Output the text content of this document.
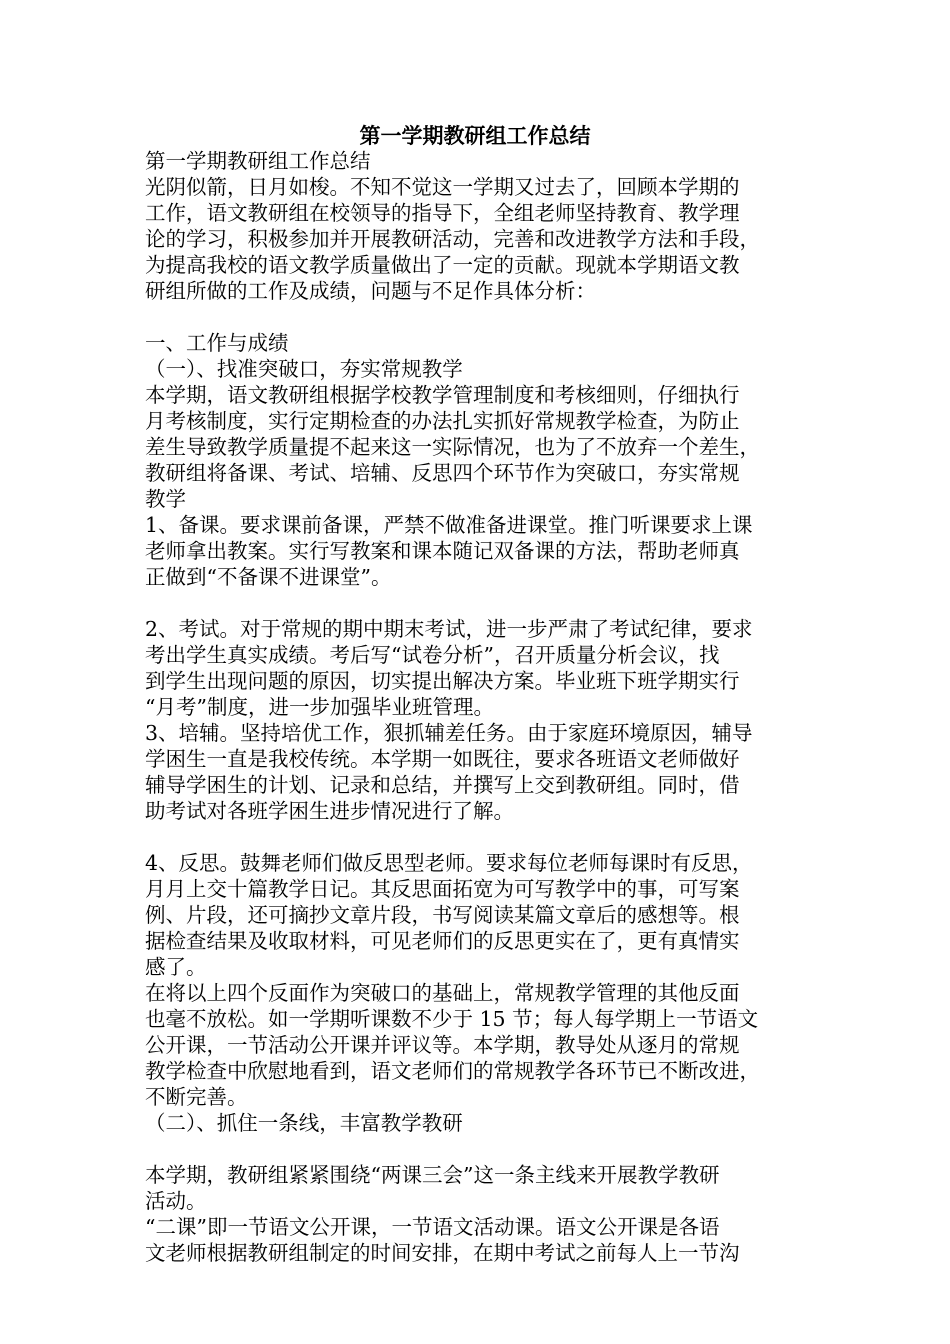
第一学期教研组工作总结
第一学期教研组工作总结
光阴似箭，日月如梭。不知不觉这一学期又过去了，回顾本学期的
工作，语文教研组在校领导的指导下，全组老师坚持教育、教学理
论的学习，积极参加并开展教研活动，完善和改进教学方法和手段，
为提高我校的语文教学质量做出了一定的贡献。现就本学期语文教
研组所做的工作及成绩，问题与不足作具体分析：
一、工作与成绩
（一）、找准突破口，夯实常规教学
本学期，语文教研组根据学校教学管理制度和考核细则，仔细执行
月考核制度，实行定期检查的办法扎实抓好常规教学检查，为防止
差生导致教学质量提不起来这一实际情况，也为了不放弃一个差生，
教研组将备课、考试、培辅、反思四个环节作为突破口，夯实常规
教学
1、备课。要求课前备课，严禁不做准备进课堂。推门听课要求上课
老师拿出教案。实行写教案和课本随记双备课的方法，帮助老师真
正做到“不备课不进课堂”。
2、考试。对于常规的期中期末考试，进一步严肃了考试纪律，要求
考出学生真实成绩。考后写“试卷分析”，召开质量分析会议，找
到学生出现问题的原因，切实提出解决方案。毕业班下班学期实行
“月考”制度，进一步加强毕业班管理。
3、培辅。坚持培优工作，狠抓辅差任务。由于家庭环境原因，辅导
学困生一直是我校传统。本学期一如既往，要求各班语文老师做好
辅导学困生的计划、记录和总结，并撰写上交到教研组。同时，借
助考试对各班学困生进步情况进行了解。
4、反思。鼓舞老师们做反思型老师。要求每位老师每课时有反思，
月月上交十篇教学日记。其反思面拓宽为可写教学中的事，可写案
例、片段，还可摘抄文章片段，书写阅读某篇文章后的感想等。根
据检查结果及收取材料，可见老师们的反思更实在了，更有真情实
感了。
在将以上四个反面作为突破口的基础上，常规教学管理的其他反面
也毫不放松。如一学期听课数不少于 15 节；每人每学期上一节语文
公开课，一节活动公开课并评议等。本学期，教导处从逐月的常规
教学检查中欣慰地看到，语文老师们的常规教学各环节已不断改进，
不断完善。
（二）、抓住一条线，丰富教学教研
本学期，教研组紧紧围绕“两课三会”这一条主线来开展教学教研
活动。
“二课”即一节语文公开课，一节语文活动课。语文公开课是各语
文老师根据教研组制定的时间安排，在期中考试之前每人上一节沟
